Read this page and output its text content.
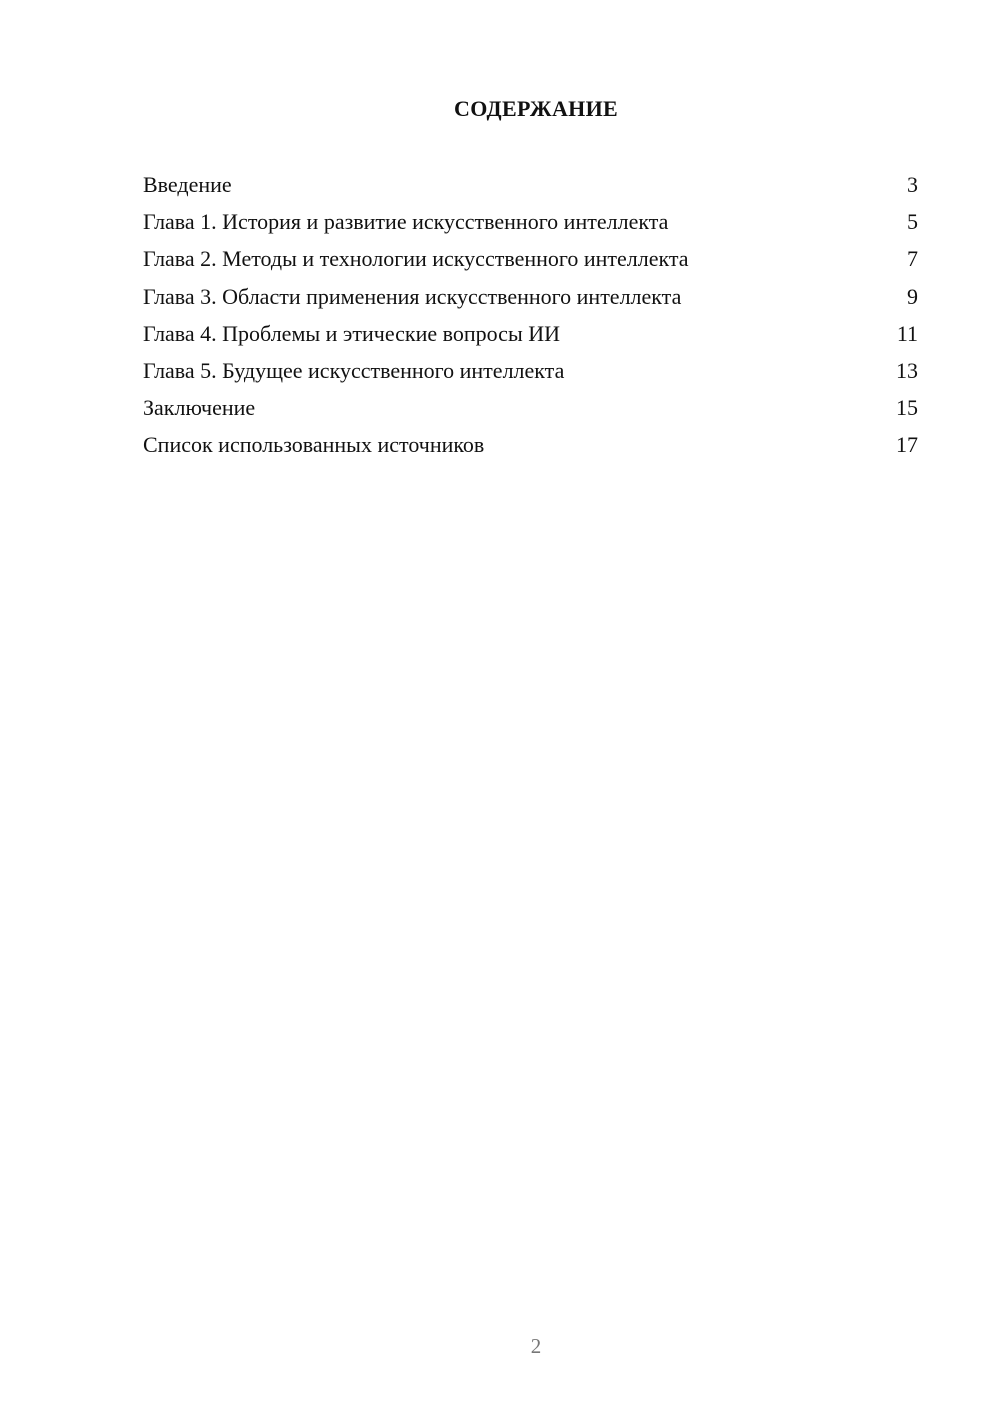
СОДЕРЖАНИЕ
Введение	3
Глава 1. История и развитие искусственного интеллекта	5
Глава 2. Методы и технологии искусственного интеллекта	7
Глава 3. Области применения искусственного интеллекта	9
Глава 4. Проблемы и этические вопросы ИИ	11
Глава 5. Будущее искусственного интеллекта	13
Заключение	15
Список использованных источников	17
2
